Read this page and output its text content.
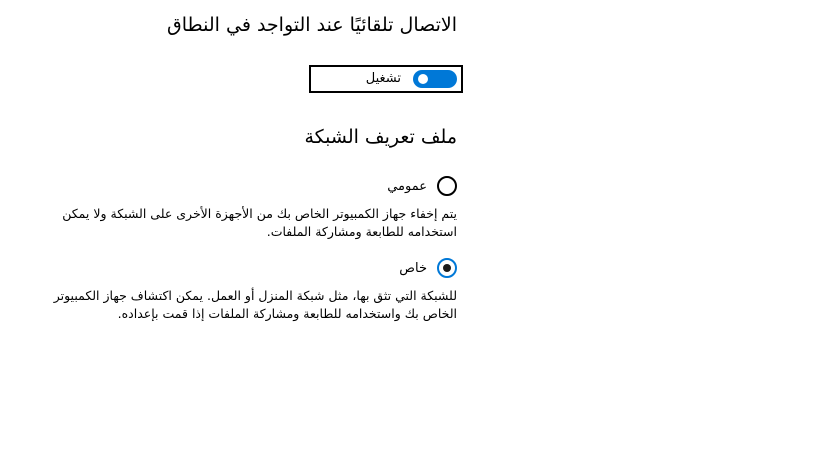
الاتصال تلقائيًا عند التواجد في النطاق
تشغيل
ملف تعريف الشبكة
عمومي
يتم إخفاء جهاز الكمبيوتر الخاص بك من الأجهزة الأخرى على الشبكة ولا يمكن
استخدامه للطابعة ومشاركة الملفات.
خاص
للشبكة التي تثق بها، مثل شبكة المنزل أو العمل. يمكن اكتشاف جهاز الكمبيوتر
الخاص بك واستخدامه للطابعة ومشاركة الملفات إذا قمت بإعداده.
